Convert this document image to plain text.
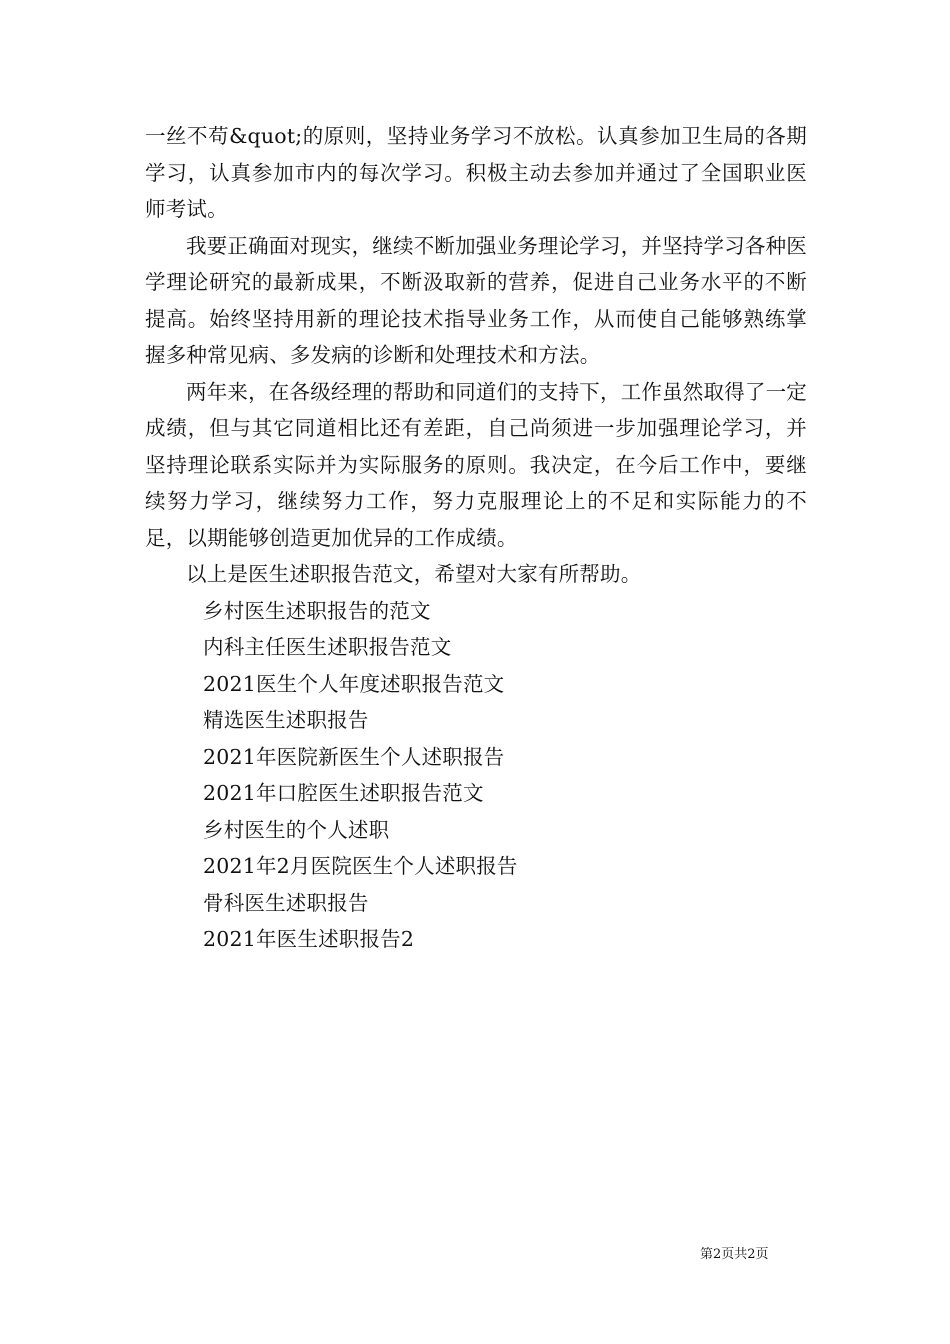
一丝不苟&quot;的原则，坚持业务学习不放松。认真参加卫生局的各期学习，认真参加市内的每次学习。积极主动去参加并通过了全国职业医师考试。

我要正确面对现实，继续不断加强业务理论学习，并坚持学习各种医学理论研究的最新成果，不断汲取新的营养，促进自己业务水平的不断提高。始终坚持用新的理论技术指导业务工作，从而使自己能够熟练掌握多种常见病、多发病的诊断和处理技术和方法。

两年来，在各级经理的帮助和同道们的支持下，工作虽然取得了一定成绩，但与其它同道相比还有差距，自己尚须进一步加强理论学习，并坚持理论联系实际并为实际服务的原则。我决定，在今后工作中，要继续努力学习，继续努力工作，努力克服理论上的不足和实际能力的不足，以期能够创造更加优异的工作成绩。

以上是医生述职报告范文，希望对大家有所帮助。

乡村医生述职报告的范文
内科主任医生述职报告范文
2021医生个人年度述职报告范文
精选医生述职报告
2021年医院新医生个人述职报告
2021年口腔医生述职报告范文
乡村医生的个人述职
2021年2月医院医生个人述职报告
骨科医生述职报告
2021年医生述职报告2
第2页共2页
